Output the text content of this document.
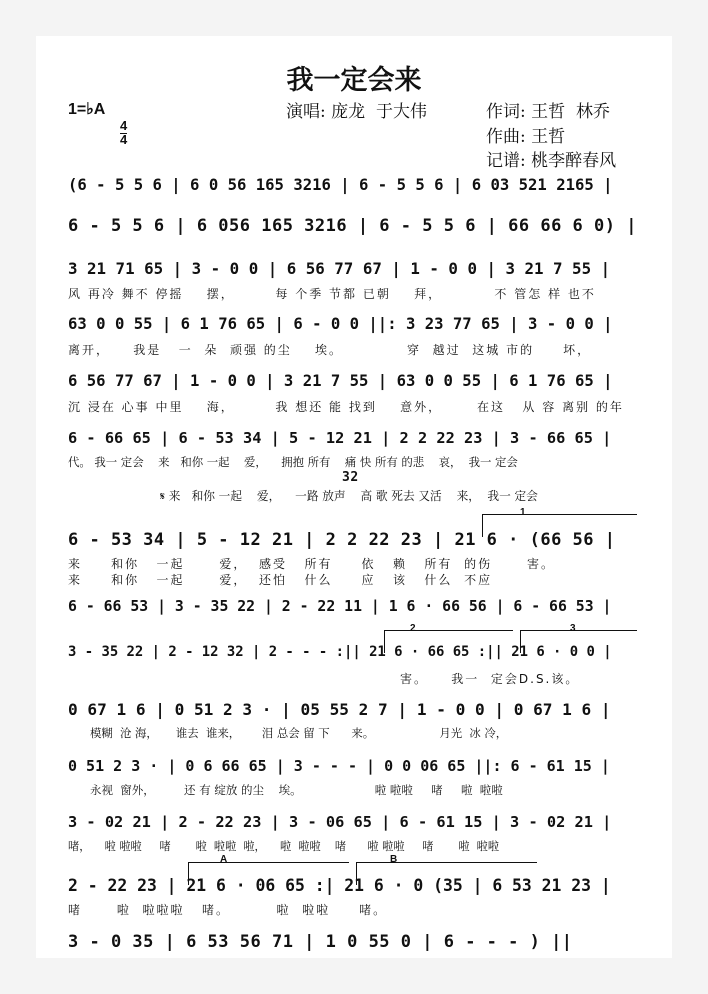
我一定会来
1=♭A

$\frac{4}{4}$	演唱: 庞龙  于大伟	作词: 王哲  林乔
作曲: 王哲
记谱: 桃李醉春风
(6 - 5 5 6 | 6 0 56 165 3216 | 6 - 5 5 6 | 6 03 521 2165 |
6 - 5 5 6 | 6 056 165 3216 | 6 - 5 5 6 | 66 66 6 0) |
3 21 71 65 | 3 - 0 0 | 6 56 77 67 | 1 - 0 0 | 3 21 7 55 |
风 再冷 舞不 停摇    摆，       每 个季 节都 已朝    拜，         不 管怎 样 也不
63 0 0 55 | 6 1 76 65 | 6 - 0 0 ||: 3 23 77 65 | 3 - 0 0 |
离开，    我是   一  朵  顽强 的尘    埃。           穿  越过  这城 市的     坏，
6 56 77 67 | 1 - 0 0 | 3 21 7 55 | 63 0 0 55 | 6 1 76 65 |
沉 浸在 心事 中里    海，       我 想还 能 找到    意外，      在这   从 容 离别 的年
6 - 66 65 | 6 - 53 34 | 5 - 12 21 | 2 2 22 23 | 3 - 66 65 |
代。 我一 定会    来   和你 一起    爱，    拥抱 所有    痛 快 所有 的悲    哀，  我一 定会
32
𝄋 来   和你 一起    爱，    一路 放声    高 歌 死去 又活    来，  我一 定会
1
6 - 53 34 | 5 - 12 21 | 2 2 22 23 | 21 6 · (66 56 |
来     和你   一起      爱，  感受   所有     依   赖   所有  的伤      害。
来     和你   一起      爱，  还怕   什么     应   该   什么  不应
6 - 66 53 | 3 - 35 22 | 2 - 22 11 | 1 6 · 66 56 | 6 - 66 53 |
2	3
3 - 35 22 | 2 - 12 32 | 2 - - - :|| 21 6 · 66 65 :|| 21 6 · 0 0 |
害。    我一  定会D.S.该。
0 67 1 6 | 0 51 2 3 · | 05 55 2 7 | 1 - 0 0 | 0 67 1 6 |
模糊  沧 海，     谁去  谁来，      泪 总会 留 下      来。                  月光  冰 冷，
0 51 2 3 · | 0 6 66 65 | 3 - - - | 0 0 06 65 ||: 6 - 61 15 |
永视  窗外，        还 有 绽放 的尘    埃。                    啦 啦啦     啫     啦  啦啦
3 - 02 21 | 2 - 22 23 | 3 - 06 65 | 6 - 61 15 | 3 - 02 21 |
啫，    啦 啦啦     啫       啦  啦啦  啦，    啦  啦啦    啫      啦 啦啦     啫       啦  啦啦
A	B
2 - 22 23 | 21 6 · 06 65 :| 21 6 · 0 (35 | 6 53 21 23 |
啫      啦  啦啦啦   啫。        啦  啦啦     啫。
3 - 0 35 | 6 53 56 71 | 1 0 55 0 | 6 - - - ) ||
